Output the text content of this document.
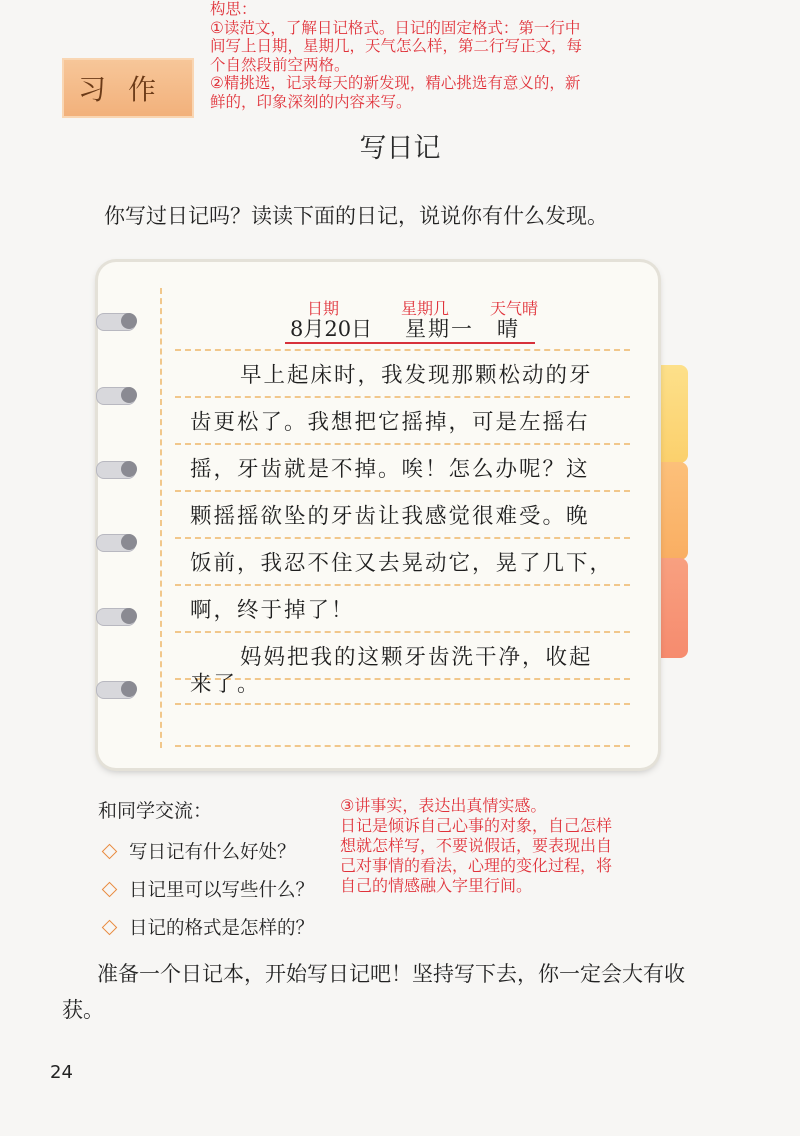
习作
构思：
①读范文，了解日记格式。日记的固定格式：第一行中
间写上日期，星期几，天气怎么样，第二行写正文，每
个自然段前空两格。
②精挑选，记录每天的新发现，精心挑选有意义的，新
鲜的，印象深刻的内容来写。
写日记
你写过日记吗？读读下面的日记，说说你有什么发现。
日期	星期几	天气晴
8月20日 星期一 晴
早上起床时，我发现那颗松动的牙
齿更松了。我想把它摇掉，可是左摇右
摇，牙齿就是不掉。唉！怎么办呢？这
颗摇摇欲坠的牙齿让我感觉很难受。晚
饭前，我忍不住又去晃动它，晃了几下，
啊，终于掉了！
妈妈把我的这颗牙齿洗干净，收起
来了。
和同学交流：
写日记有什么好处？
日记里可以写些什么？
日记的格式是怎样的？
③讲事实，表达出真情实感。
日记是倾诉自己心事的对象，自己怎样
想就怎样写，不要说假话，要表现出自
己对事情的看法，心理的变化过程，将
自己的情感融入字里行间。
准备一个日记本，开始写日记吧！坚持写下去，你一定会大有收获。
24
